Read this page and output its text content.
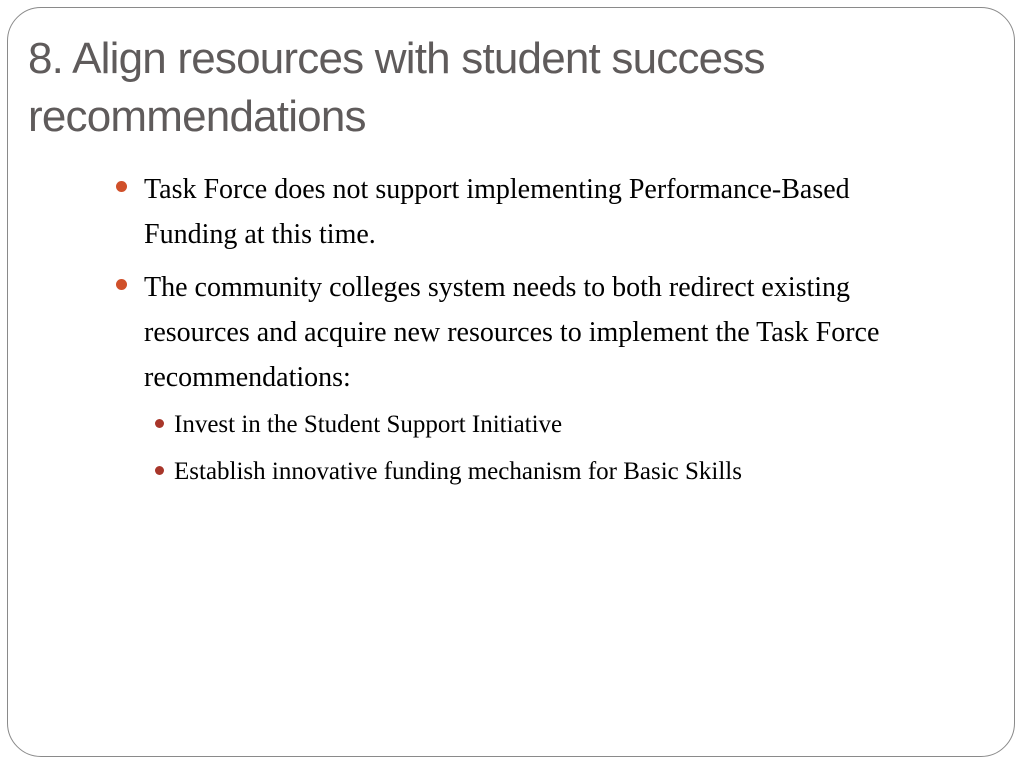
8. Align resources with student success recommendations
Task Force does not support implementing Performance-Based Funding at this time.
The community colleges system needs to both redirect existing resources and acquire new resources to implement the Task Force recommendations:
Invest in the Student Support Initiative
Establish innovative funding mechanism for Basic Skills
